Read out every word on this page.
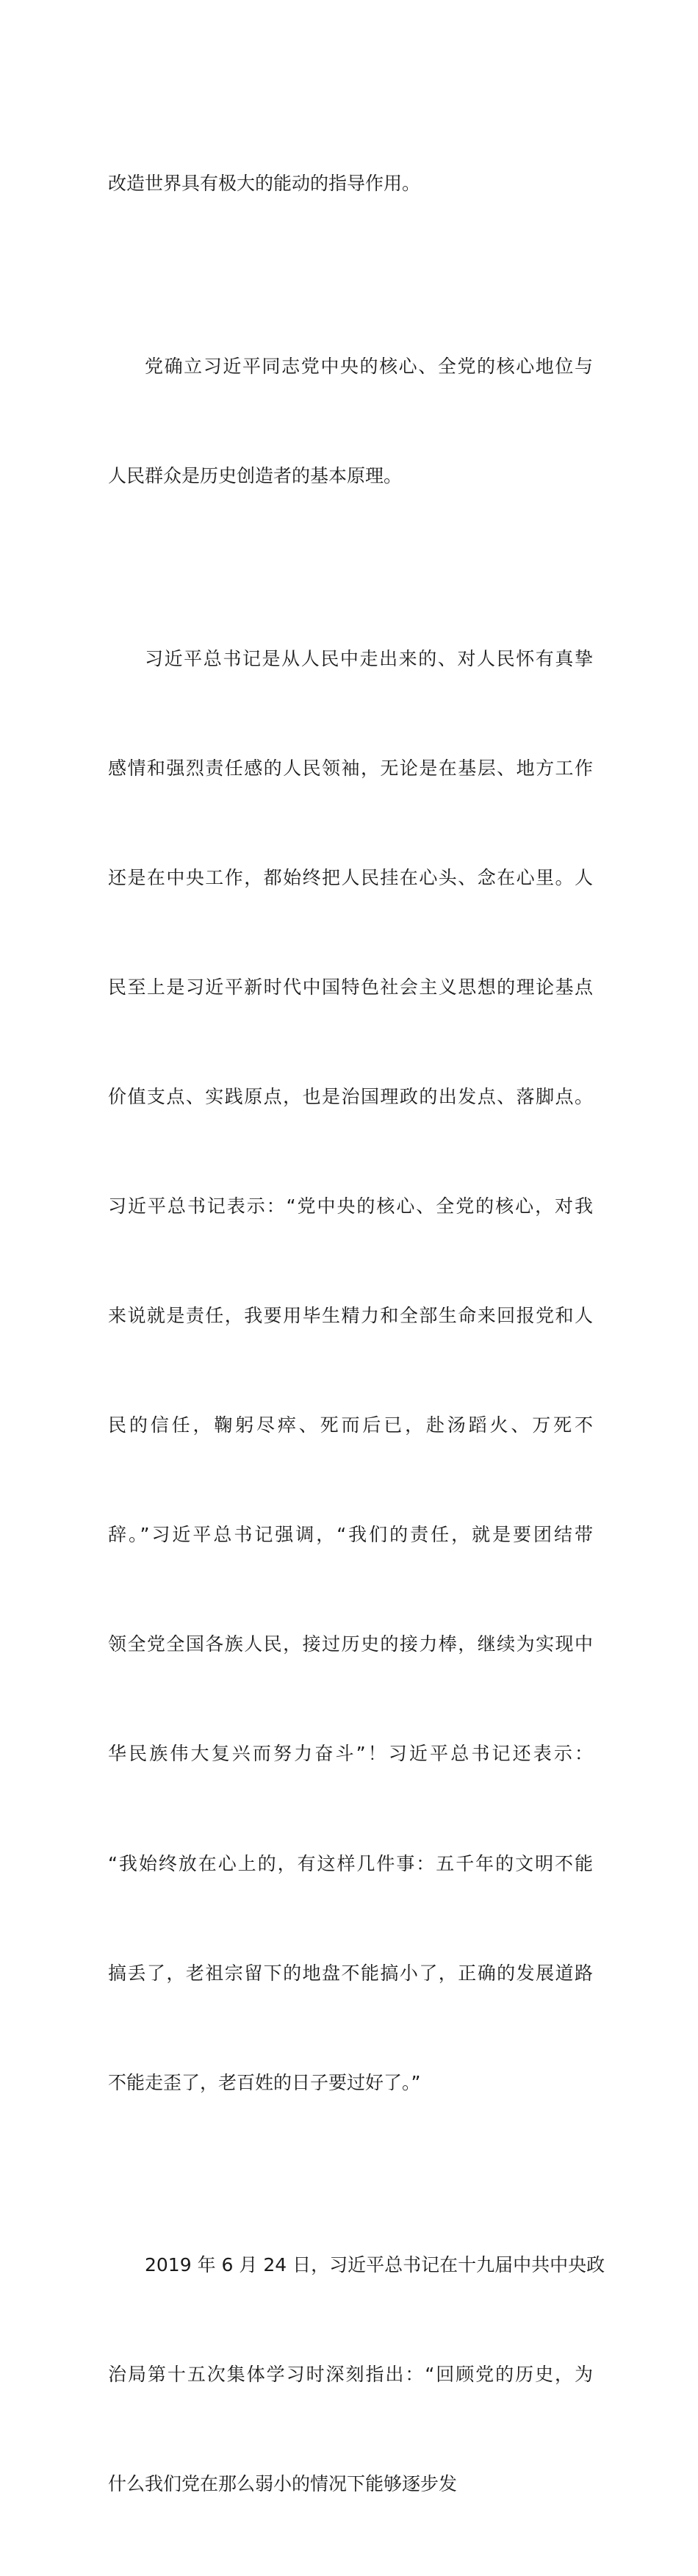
改造世界具有极大的能动的指导作用。

党确立习近平同志党中央的核心、全党的核心地位与

人民群众是历史创造者的基本原理。

习近平总书记是从人民中走出来的、对人民怀有真挚

感情和强烈责任感的人民领袖，无论是在基层、地方工作

还是在中央工作，都始终把人民挂在心头、念在心里。人

民至上是习近平新时代中国特色社会主义思想的理论基点

价值支点、实践原点，也是治国理政的出发点、落脚点。

习近平总书记表示：“党中央的核心、全党的核心，对我

来说就是责任，我要用毕生精力和全部生命来回报党和人

民的信任，鞠躬尽瘁、死而后已，赴汤蹈火、万死不

辞。”习近平总书记强调，“我们的责任，就是要团结带

领全党全国各族人民，接过历史的接力棒，继续为实现中

华民族伟大复兴而努力奋斗”！习近平总书记还表示：

“我始终放在心上的，有这样几件事：五千年的文明不能

搞丢了，老祖宗留下的地盘不能搞小了，正确的发展道路

不能走歪了，老百姓的日子要过好了。”

2019 年 6 月 24 日，习近平总书记在十九届中共中央政

治局第十五次集体学习时深刻指出：“回顾党的历史，为

什么我们党在那么弱小的情况下能够逐步发
